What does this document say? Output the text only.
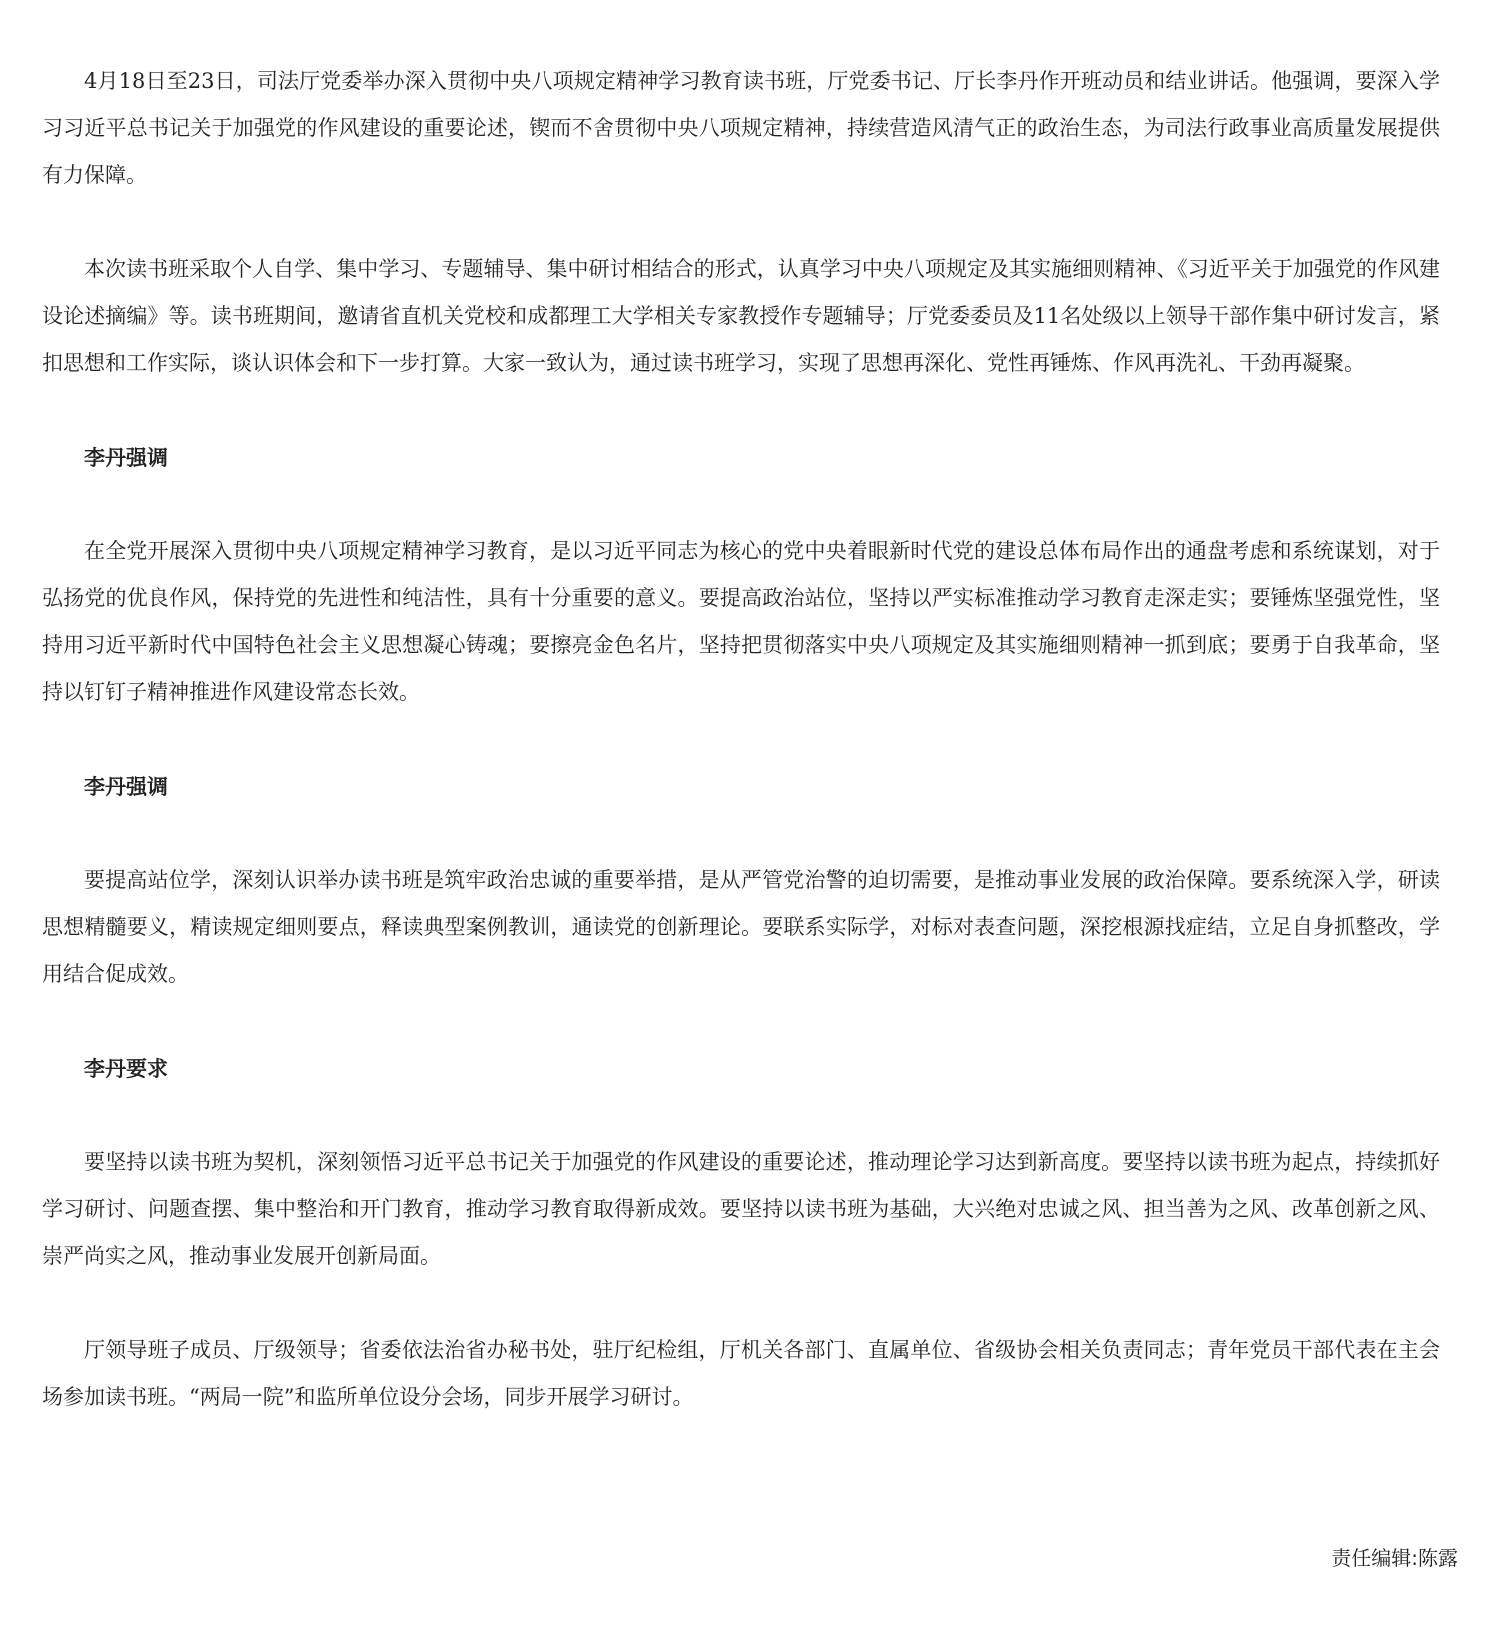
4月18日至23日，司法厅党委举办深入贯彻中央八项规定精神学习教育读书班，厅党委书记、厅长李丹作开班动员和结业讲话。他强调，要深入学习习近平总书记关于加强党的作风建设的重要论述，锲而不舍贯彻中央八项规定精神，持续营造风清气正的政治生态，为司法行政事业高质量发展提供有力保障。

本次读书班采取个人自学、集中学习、专题辅导、集中研讨相结合的形式，认真学习中央八项规定及其实施细则精神、《习近平关于加强党的作风建设论述摘编》等。读书班期间，邀请省直机关党校和成都理工大学相关专家教授作专题辅导；厅党委委员及11名处级以上领导干部作集中研讨发言，紧扣思想和工作实际，谈认识体会和下一步打算。大家一致认为，通过读书班学习，实现了思想再深化、党性再锤炼、作风再洗礼、干劲再凝聚。

李丹强调

在全党开展深入贯彻中央八项规定精神学习教育，是以习近平同志为核心的党中央着眼新时代党的建设总体布局作出的通盘考虑和系统谋划，对于弘扬党的优良作风，保持党的先进性和纯洁性，具有十分重要的意义。要提高政治站位，坚持以严实标准推动学习教育走深走实；要锤炼坚强党性，坚持用习近平新时代中国特色社会主义思想凝心铸魂；要擦亮金色名片，坚持把贯彻落实中央八项规定及其实施细则精神一抓到底；要勇于自我革命，坚持以钉钉子精神推进作风建设常态长效。

李丹强调

要提高站位学，深刻认识举办读书班是筑牢政治忠诚的重要举措，是从严管党治警的迫切需要，是推动事业发展的政治保障。要系统深入学，研读思想精髓要义，精读规定细则要点，释读典型案例教训，通读党的创新理论。要联系实际学，对标对表查问题，深挖根源找症结，立足自身抓整改，学用结合促成效。

李丹要求

要坚持以读书班为契机，深刻领悟习近平总书记关于加强党的作风建设的重要论述，推动理论学习达到新高度。要坚持以读书班为起点，持续抓好学习研讨、问题查摆、集中整治和开门教育，推动学习教育取得新成效。要坚持以读书班为基础，大兴绝对忠诚之风、担当善为之风、改革创新之风、崇严尚实之风，推动事业发展开创新局面。

厅领导班子成员、厅级领导；省委依法治省办秘书处，驻厅纪检组，厅机关各部门、直属单位、省级协会相关负责同志；青年党员干部代表在主会场参加读书班。“两局一院”和监所单位设分会场，同步开展学习研讨。

责任编辑:陈露
